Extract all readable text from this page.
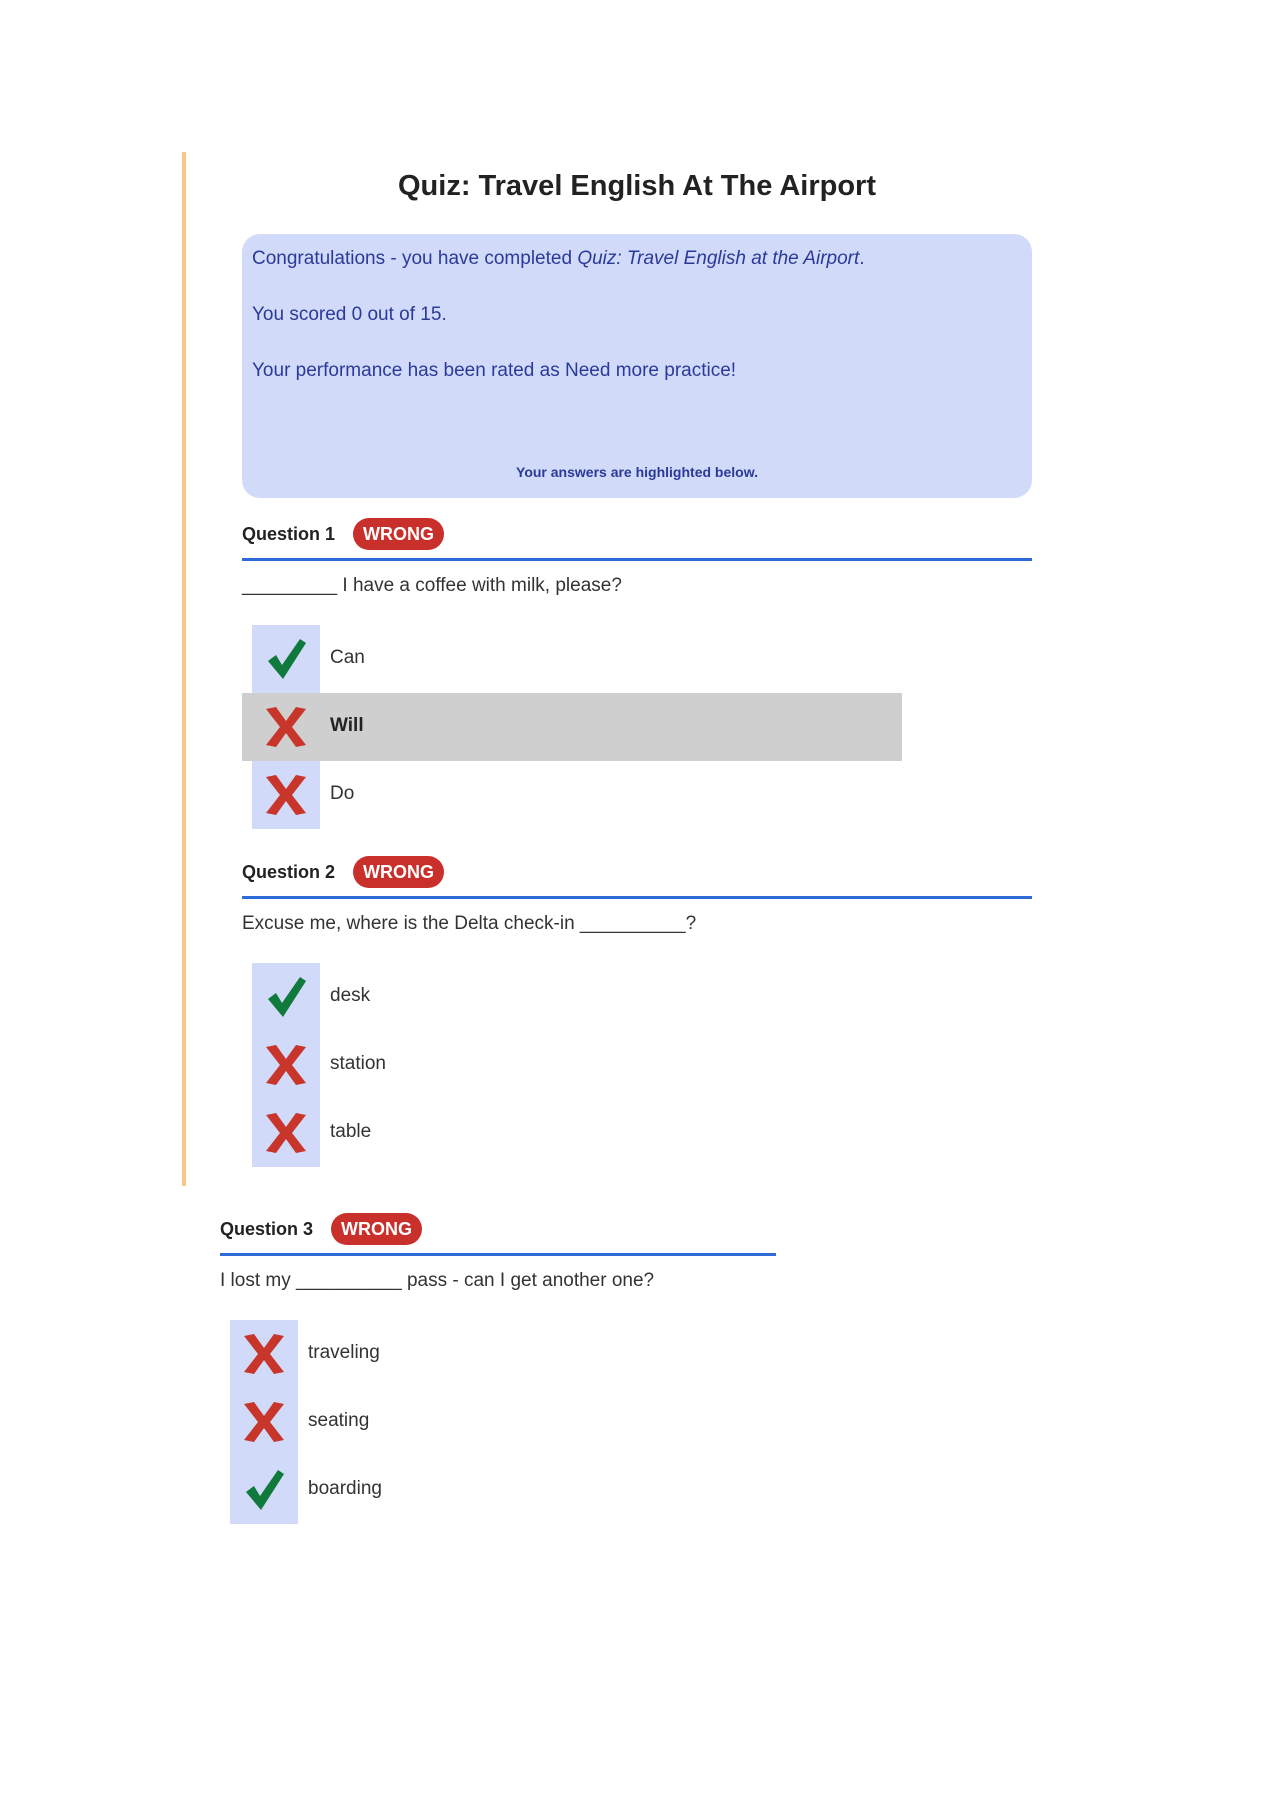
Quiz: Travel English At The Airport
Congratulations - you have completed Quiz: Travel English at the Airport.
You scored 0 out of 15.
Your performance has been rated as Need more practice!
Your answers are highlighted below.
Question 1	WRONG
_________ I have a coffee with milk, please?
Can
Will
Do
Question 2	WRONG
Excuse me, where is the Delta check-in __________?
desk
station
table
Question 3	WRONG
I lost my __________ pass - can I get another one?
traveling
seating
boarding
